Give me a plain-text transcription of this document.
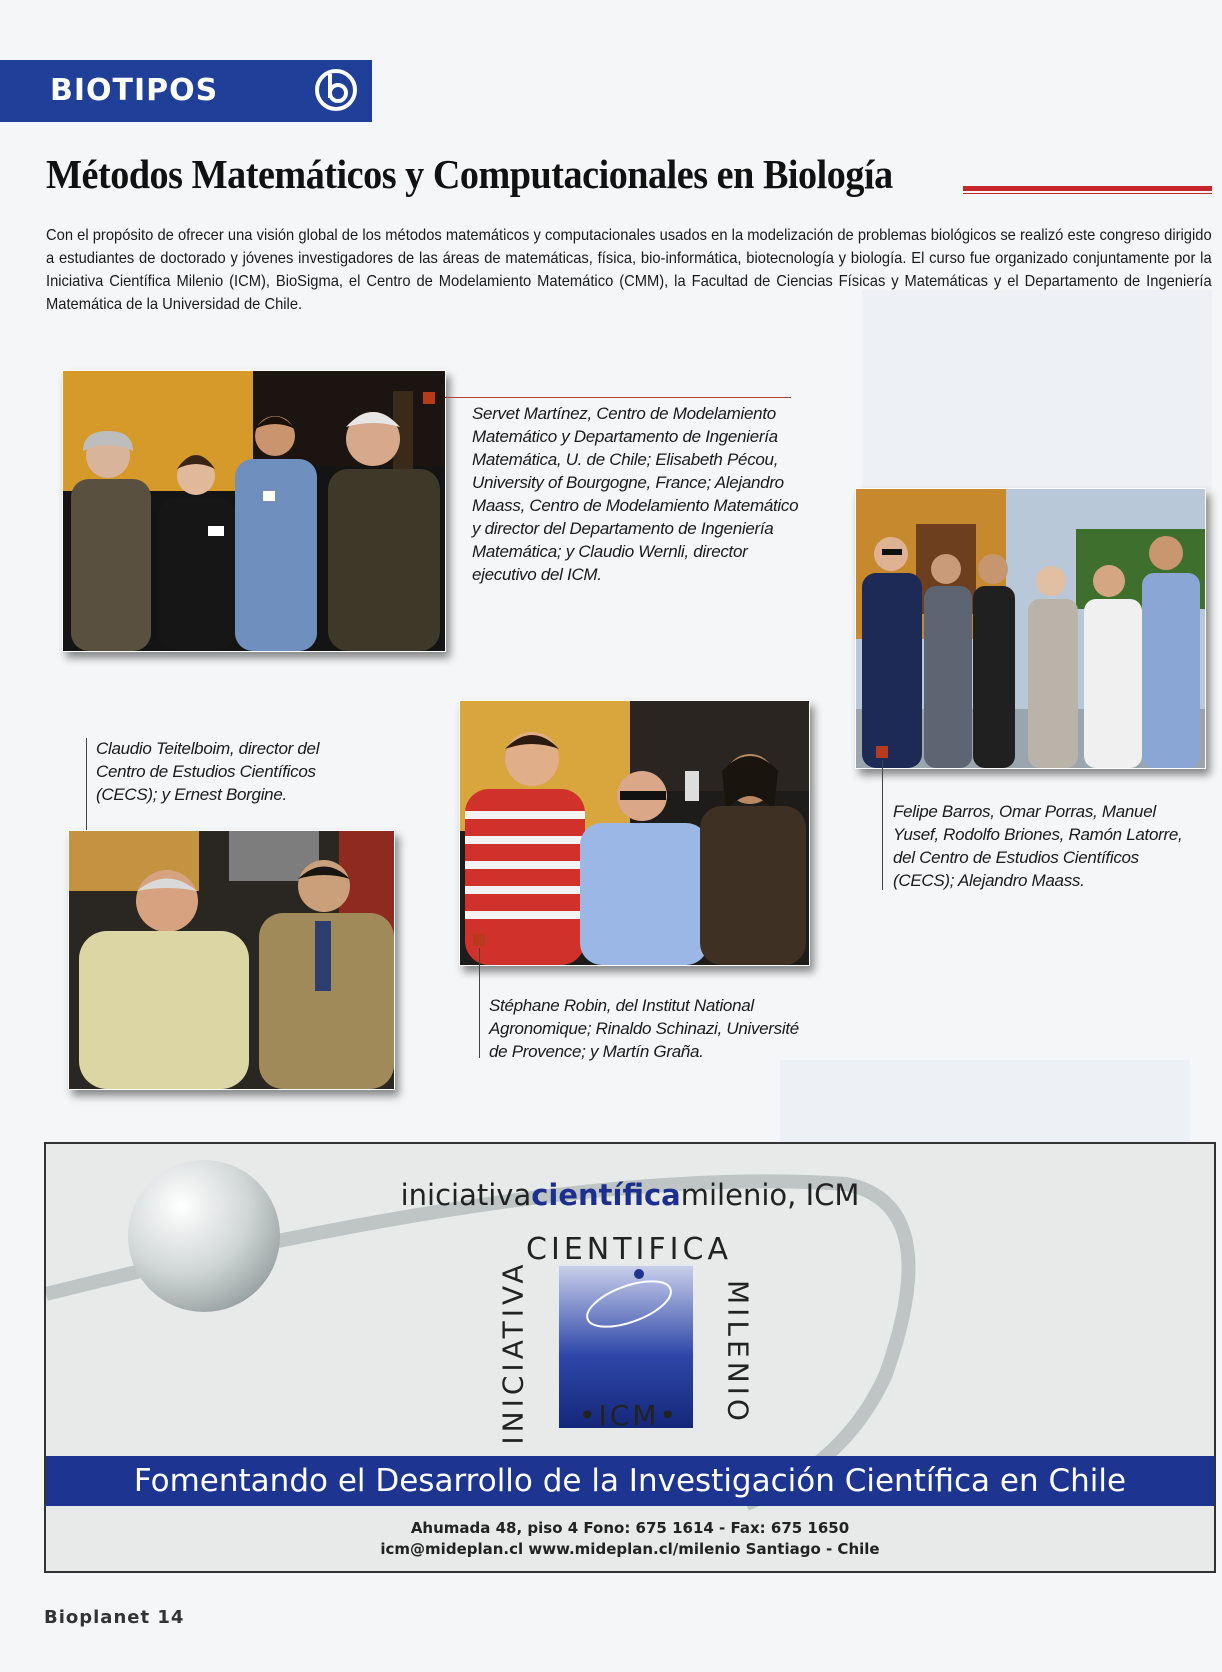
BIOTIPOS
Métodos Matemáticos y Computacionales en Biología

Con el propósito de ofrecer una visión global de los métodos matemáticos y computacionales usados en la modelización de problemas biológicos se realizó este congreso dirigido a estudiantes de doctorado y jóvenes investigadores de las áreas de matemáticas, física, bio-informática, biotecnología y biología. El curso fue organizado conjuntamente por la Iniciativa Científica Milenio (ICM), BioSigma, el Centro de Modelamiento Matemático (CMM), la Facultad de Ciencias Físicas y Matemáticas y el Departamento de Ingeniería Matemática de la Universidad de Chile.

Servet Martínez, Centro de Modelamiento Matemático y Departamento de Ingeniería Matemática, U. de Chile; Elisabeth Pécou, University of Bourgogne, France; Alejandro Maass, Centro de Modelamiento Matemático y director del Departamento de Ingeniería Matemática; y Claudio Wernli, director ejecutivo del ICM.

Felipe Barros, Omar Porras, Manuel Yusef, Rodolfo Briones, Ramón Latorre, del Centro de Estudios Científicos (CECS); Alejandro Maass.

Claudio Teitelboim, director del Centro de Estudios Científicos (CECS); y Ernest Borgine.

Stéphane Robin, del Institut National Agronomique; Rinaldo Schinazi, Université de Provence; y Martín Graña.

iniciativacientíficamilenio, ICM
CIENTIFICA
INICIATIVA	MILENIO
•ICM•
Fomentando el Desarrollo de la Investigación Científica en Chile
Ahumada 48, piso 4 Fono: 675 1614 - Fax: 675 1650
icm@mideplan.cl www.mideplan.cl/milenio Santiago - Chile
Bioplanet 14
